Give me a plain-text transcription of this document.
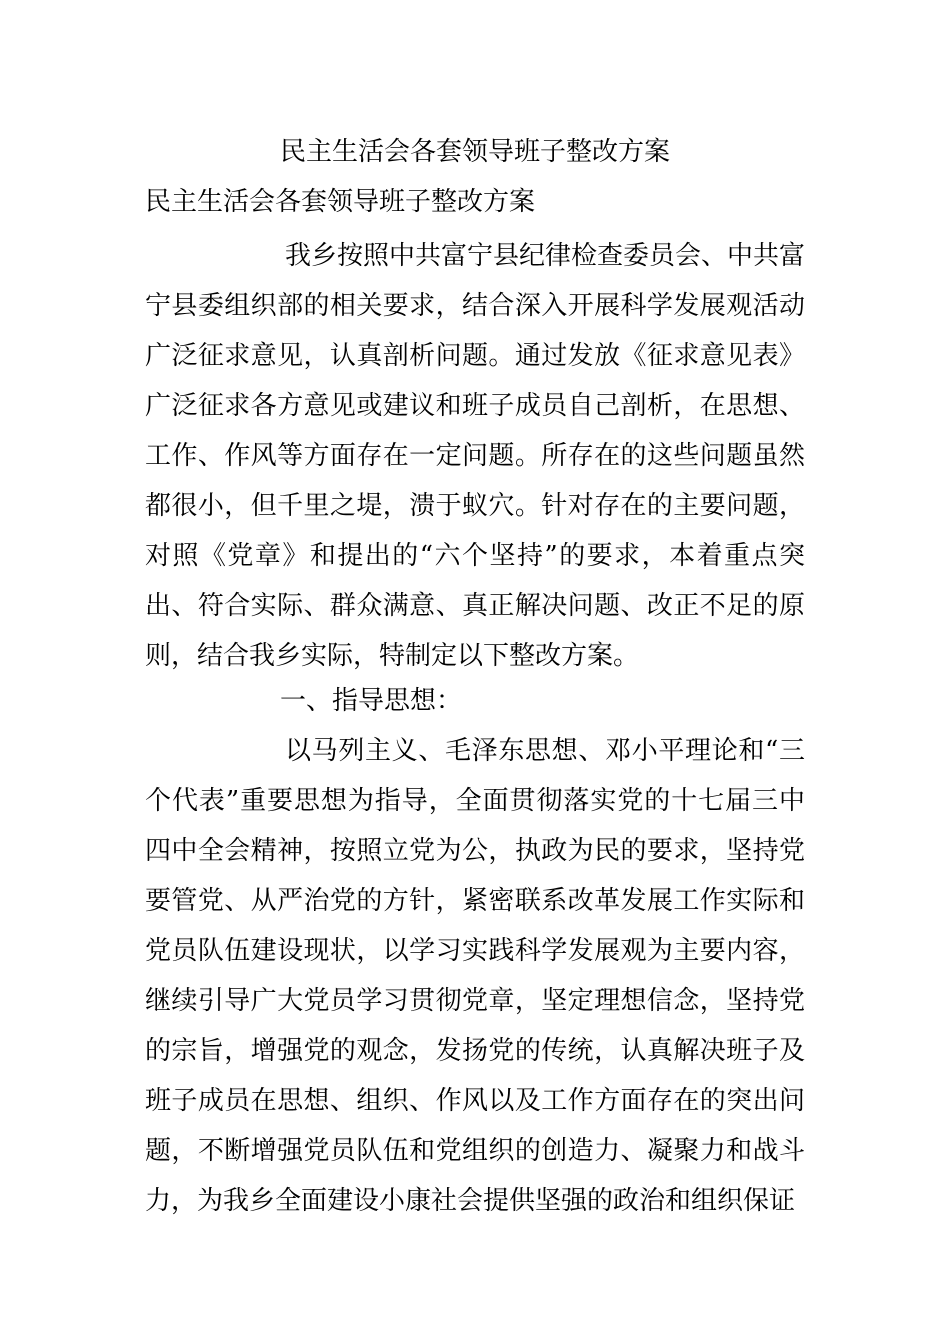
民主生活会各套领导班子整改方案
民主生活会各套领导班子整改方案

我乡按照中共富宁县纪律检查委员会、中共富宁县委组织部的相关要求，结合深入开展科学发展观活动广泛征求意见，认真剖析问题。通过发放《征求意见表》广泛征求各方意见或建议和班子成员自己剖析，在思想、工作、作风等方面存在一定问题。所存在的这些问题虽然都很小，但千里之堤，溃于蚁穴。针对存在的主要问题，对照《党章》和提出的“六个坚持”的要求，本着重点突出、符合实际、群众满意、真正解决问题、改正不足的原则，结合我乡实际，特制定以下整改方案。

一、指导思想：

以马列主义、毛泽东思想、邓小平理论和“三个代表”重要思想为指导，全面贯彻落实党的十七届三中四中全会精神，按照立党为公，执政为民的要求，坚持党要管党、从严治党的方针，紧密联系改革发展工作实际和党员队伍建设现状，以学习实践科学发展观为主要内容，继续引导广大党员学习贯彻党章，坚定理想信念，坚持党的宗旨，增强党的观念，发扬党的传统，认真解决班子及班子成员在思想、组织、作风以及工作方面存在的突出问题，不断增强党员队伍和党组织的创造力、凝聚力和战斗力，为我乡全面建设小康社会提供坚强的政治和组织保证
